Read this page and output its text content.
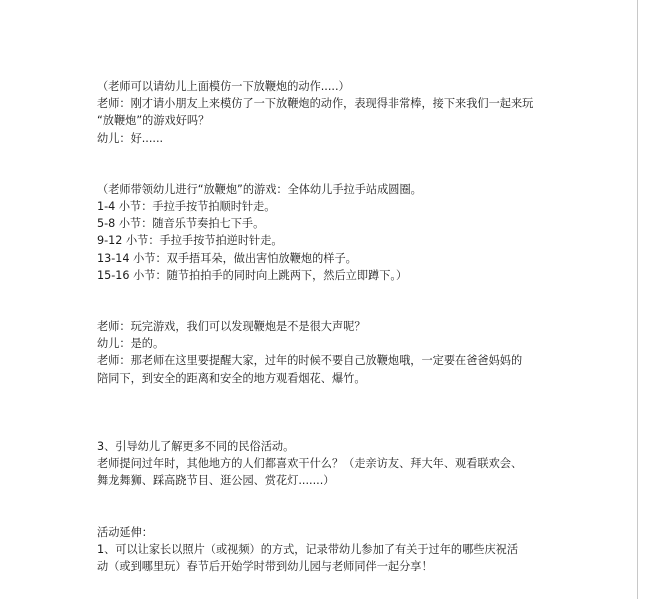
（老师可以请幼儿上面模仿一下放鞭炮的动作.....）

老师：刚才请小朋友上来模仿了一下放鞭炮的动作，表现得非常棒，接下来我们一起来玩

“放鞭炮”的游戏好吗？

幼儿：好......

（老师带领幼儿进行“放鞭炮”的游戏：全体幼儿手拉手站成圆圈。

1-4 小节：手拉手按节拍顺时针走。

5-8 小节：随音乐节奏拍七下手。

9-12 小节：手拉手按节拍逆时针走。

13-14 小节：双手捂耳朵，做出害怕放鞭炮的样子。

15-16 小节：随节拍拍手的同时向上跳两下，然后立即蹲下。）

老师：玩完游戏，我们可以发现鞭炮是不是很大声呢？

幼儿：是的。

老师：那老师在这里要提醒大家，过年的时候不要自己放鞭炮哦，一定要在爸爸妈妈的

陪同下，到安全的距离和安全的地方观看烟花、爆竹。

3、引导幼儿了解更多不同的民俗活动。

老师提问过年时，其他地方的人们都喜欢干什么？（走亲访友、拜大年、观看联欢会、

舞龙舞狮、踩高跷节目、逛公园、赏花灯.......）

活动延伸：

1、可以让家长以照片（或视频）的方式，记录带幼儿参加了有关于过年的哪些庆祝活

动（或到哪里玩）春节后开始学时带到幼儿园与老师同伴一起分享！
